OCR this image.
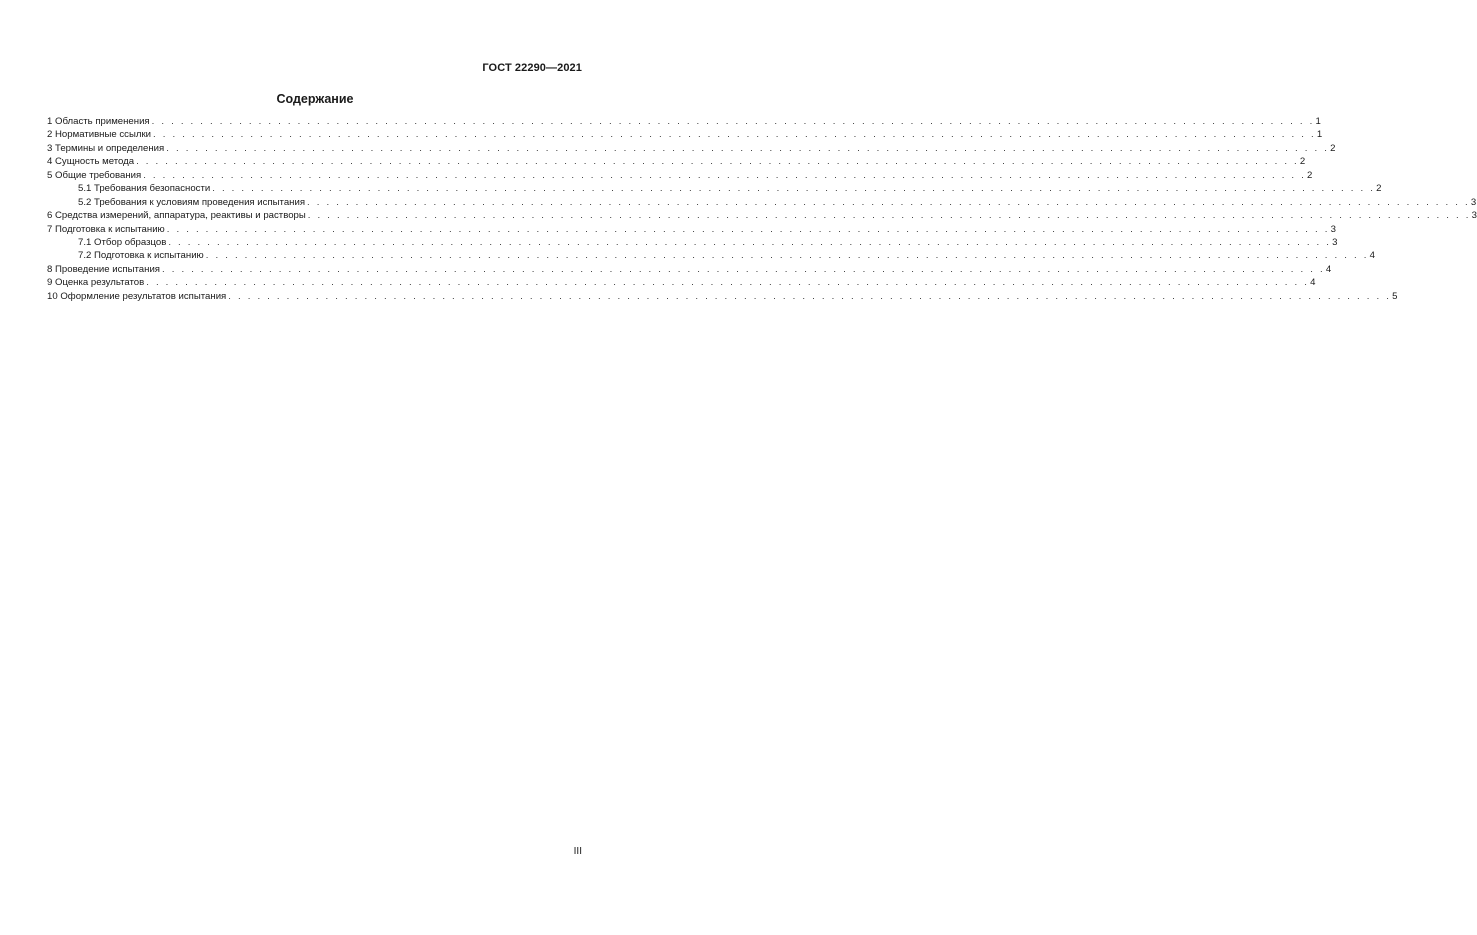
ГОСТ 22290—2021
Содержание
1 Область применения . . . . . . . . . . . . . . . . . . . . . . . . . . . . . . . . . . . . . . . . . . . . . . . . . . . . . . . . . . . . . . . . . . . . . . . . . . . . . . . . . . . . . . . . . . . . . . . . . . . . . . . . . . . . . . . . . . . . . . . . 1
2 Нормативные ссылки . . . . . . . . . . . . . . . . . . . . . . . . . . . . . . . . . . . . . . . . . . . . . . . . . . . . . . . . . . . . . . . . . . . . . . . . . . . . . . . . . . . . . . . . . . . . . . . . . . . . . . . . . . . . . . . . . . . . . . . . 1
3 Термины и определения . . . . . . . . . . . . . . . . . . . . . . . . . . . . . . . . . . . . . . . . . . . . . . . . . . . . . . . . . . . . . . . . . . . . . . . . . . . . . . . . . . . . . . . . . . . . . . . . . . . . . . . . . . . . . . . . . . . . . . . . 2
4 Сущность метода . . . . . . . . . . . . . . . . . . . . . . . . . . . . . . . . . . . . . . . . . . . . . . . . . . . . . . . . . . . . . . . . . . . . . . . . . . . . . . . . . . . . . . . . . . . . . . . . . . . . . . . . . . . . . . . . . . . . . . . . 2
5 Общие требования . . . . . . . . . . . . . . . . . . . . . . . . . . . . . . . . . . . . . . . . . . . . . . . . . . . . . . . . . . . . . . . . . . . . . . . . . . . . . . . . . . . . . . . . . . . . . . . . . . . . . . . . . . . . . . . . . . . . . . . . 2
5.1 Требования безопасности . . . . . . . . . . . . . . . . . . . . . . . . . . . . . . . . . . . . . . . . . . . . . . . . . . . . . . . . . . . . . . . . . . . . . . . . . . . . . . . . . . . . . . . . . . . . . . . . . . . . . . . . . . . . . . . . . . . . . . . . 2
5.2 Требования к условиям проведения испытания . . . . . . . . . . . . . . . . . . . . . . . . . . . . . . . . . . . . . . . . . . . . . . . . . . . . . . . . . . . . . . . . . . . . . . . . . . . . . . . . . . . . . . . . . . . . . . . . . . . . . . . . . . . . . . . . . . . . . . . . 3
6 Средства измерений, аппаратура, реактивы и растворы . . . . . . . . . . . . . . . . . . . . . . . . . . . . . . . . . . . . . . . . . . . . . . . . . . . . . . . . . . . . . . . . . . . . . . . . . . . . . . . . . . . . . . . . . . . . . . . . . . . . . . . . . . . . . . . . . . . . . . . . 3
7 Подготовка к испытанию . . . . . . . . . . . . . . . . . . . . . . . . . . . . . . . . . . . . . . . . . . . . . . . . . . . . . . . . . . . . . . . . . . . . . . . . . . . . . . . . . . . . . . . . . . . . . . . . . . . . . . . . . . . . . . . . . . . . . . . . 3
7.1 Отбор образцов . . . . . . . . . . . . . . . . . . . . . . . . . . . . . . . . . . . . . . . . . . . . . . . . . . . . . . . . . . . . . . . . . . . . . . . . . . . . . . . . . . . . . . . . . . . . . . . . . . . . . . . . . . . . . . . . . . . . . . . . 3
7.2 Подготовка к испытанию . . . . . . . . . . . . . . . . . . . . . . . . . . . . . . . . . . . . . . . . . . . . . . . . . . . . . . . . . . . . . . . . . . . . . . . . . . . . . . . . . . . . . . . . . . . . . . . . . . . . . . . . . . . . . . . . . . . . . . . . 4
8 Проведение испытания . . . . . . . . . . . . . . . . . . . . . . . . . . . . . . . . . . . . . . . . . . . . . . . . . . . . . . . . . . . . . . . . . . . . . . . . . . . . . . . . . . . . . . . . . . . . . . . . . . . . . . . . . . . . . . . . . . . . . . . . 4
9 Оценка результатов . . . . . . . . . . . . . . . . . . . . . . . . . . . . . . . . . . . . . . . . . . . . . . . . . . . . . . . . . . . . . . . . . . . . . . . . . . . . . . . . . . . . . . . . . . . . . . . . . . . . . . . . . . . . . . . . . . . . . . . . 4
10 Оформление результатов испытания . . . . . . . . . . . . . . . . . . . . . . . . . . . . . . . . . . . . . . . . . . . . . . . . . . . . . . . . . . . . . . . . . . . . . . . . . . . . . . . . . . . . . . . . . . . . . . . . . . . . . . . . . . . . . . . . . . . . . . . . 5
III
